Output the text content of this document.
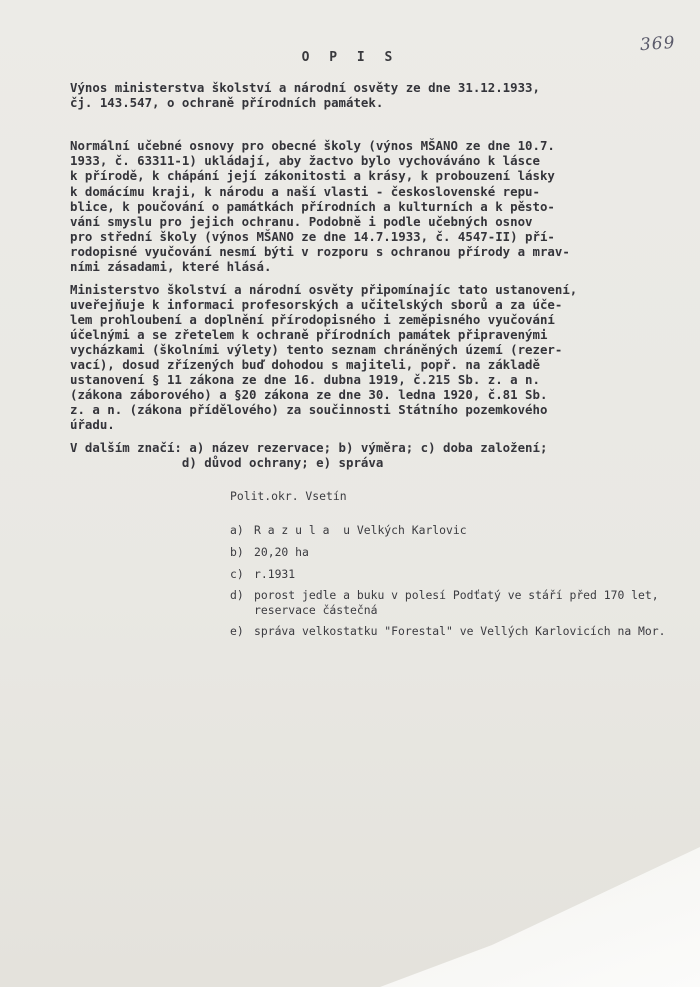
369
O P I S
Výnos ministerstva školství a národní osvěty ze dne 31.12.1933,
čj. 143.547, o ochraně přírodních památek.
Normální učebné osnovy pro obecné školy (výnos MŠANO ze dne 10.7.
1933, č. 63311-1) ukládají, aby žactvo bylo vychováváno k lásce
k přírodě, k chápání její zákonitosti a krásy, k probouzení lásky
k domácímu kraji, k národu a naší vlasti - československé repu-
blice, k poučování o památkách přírodních a kulturních a k pěsto-
vání smyslu pro jejich ochranu. Podobně i podle učebných osnov
pro střední školy (výnos MŠANO ze dne 14.7.1933, č. 4547-II) pří-
rodopisné vyučování nesmí býti v rozporu s ochranou přírody a mrav-
ními zásadami, které hlásá.
Ministerstvo školství a národní osvěty připomínajíc tato ustanovení,
uveřejňuje k informaci profesorských a učitelských sborů a za úče-
lem prohloubení a doplnění přírodopisného i zeměpisného vyučování
účelnými a se zřetelem k ochraně přírodních památek připravenými
vycházkami (školními výlety) tento seznam chráněných území (rezer-
vací), dosud zřízených buď dohodou s majiteli, popř. na základě
ustanovení § 11 zákona ze dne 16. dubna 1919, č.215 Sb. z. a n.
(zákona záborového) a §20 zákona ze dne 30. ledna 1920, č.81 Sb.
z. a n. (zákona přídělového) za součinnosti Státního pozemkového
úřadu.
V dalším značí: a) název rezervace; b) výměra; c) doba založení;
d) důvod ochrany; e) správa
Polit.okr. Vsetín
a) R a z u l a  u Velkých Karlovic
b) 20,20 ha
c) r.1931
d) porost jedle a buku v polesí Podťatý ve stáří před 170 let,
reservace částečná
e) správa velkostatku "Forestal" ve Vellých Karlovicích na Mor.
